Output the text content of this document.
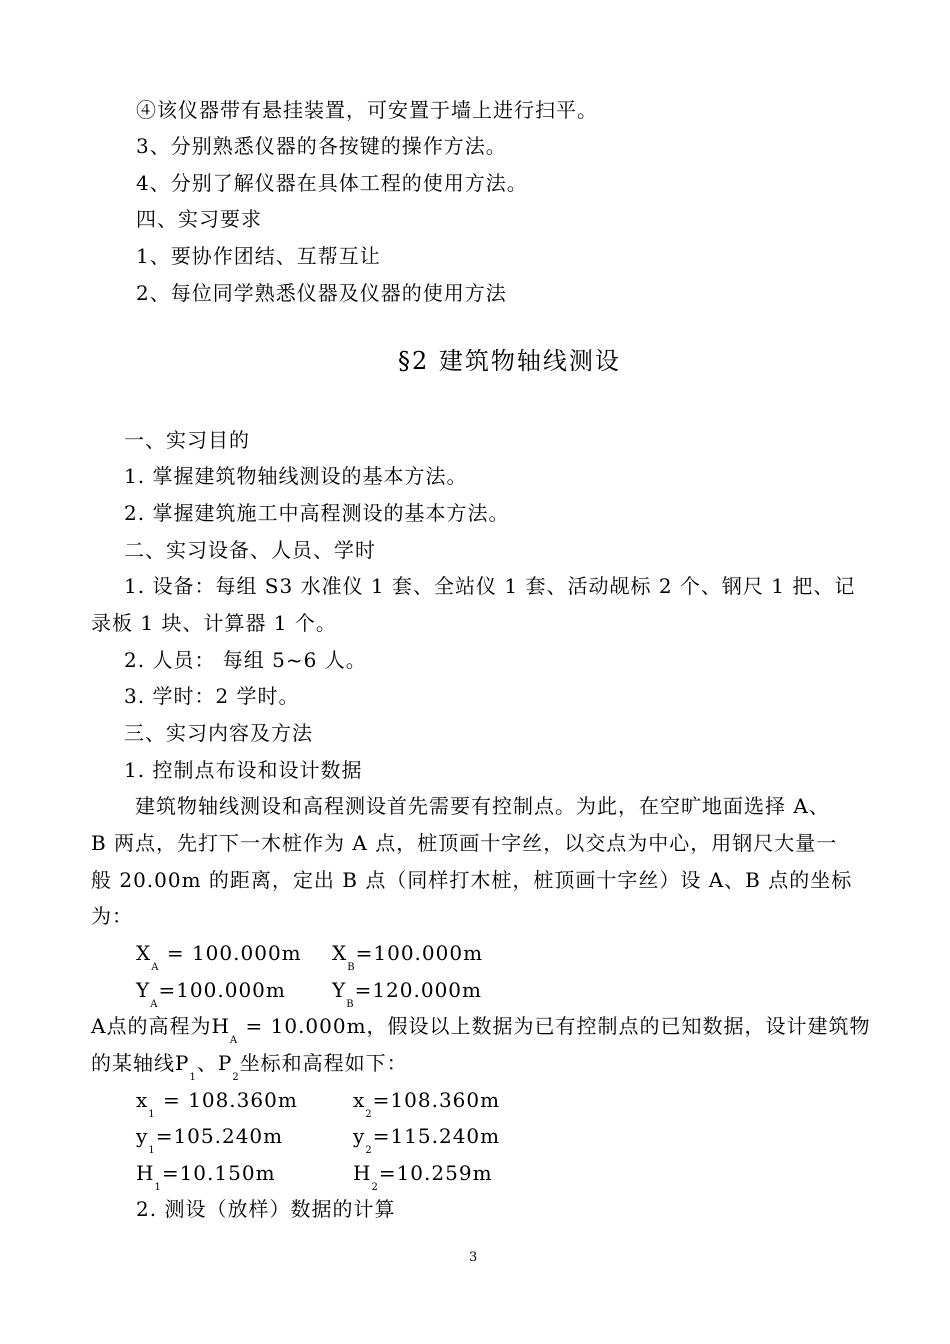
④该仪器带有悬挂装置，可安置于墙上进行扫平。
3、分别熟悉仪器的各按键的操作方法。
4、分别了解仪器在具体工程的使用方法。
四、实习要求
1、要协作团结、互帮互让
2、每位同学熟悉仪器及仪器的使用方法
§2 建筑物轴线测设
一、实习目的
1. 掌握建筑物轴线测设的基本方法。
2. 掌握建筑施工中高程测设的基本方法。
二、实习设备、人员、学时
1. 设备：每组 S3 水准仪 1 套、全站仪 1 套、活动觇标 2 个、钢尺 1 把、记
录板 1 块、计算器 1 个。
2. 人员： 每组 5~6 人。
3. 学时：2 学时。
三、实习内容及方法
1. 控制点布设和设计数据
建筑物轴线测设和高程测设首先需要有控制点。为此，在空旷地面选择 A、
B 两点，先打下一木桩作为 A 点，桩顶画十字丝，以交点为中心，用钢尺大量一
般 20.00m 的距离，定出 B 点（同样打木桩，桩顶画十字丝）设 A、B 点的坐标
为：
$X_A = 100.000m$ $X_B=100.000m$
$Y_A=100.000m$ $Y_B=120.000m$
A点的高程为$H_A = 10.000m$，假设以上数据为已有控制点的已知数据，设计建筑物
的某轴线$P_1$、$P_2$坐标和高程如下：
$x_1 = 108.360m$	$x_2=108.360m$
$y_1=105.240m$	$y_2=115.240m$
$H_1=10.150m$	$H_2=10.259m$
2. 测设（放样）数据的计算
3
